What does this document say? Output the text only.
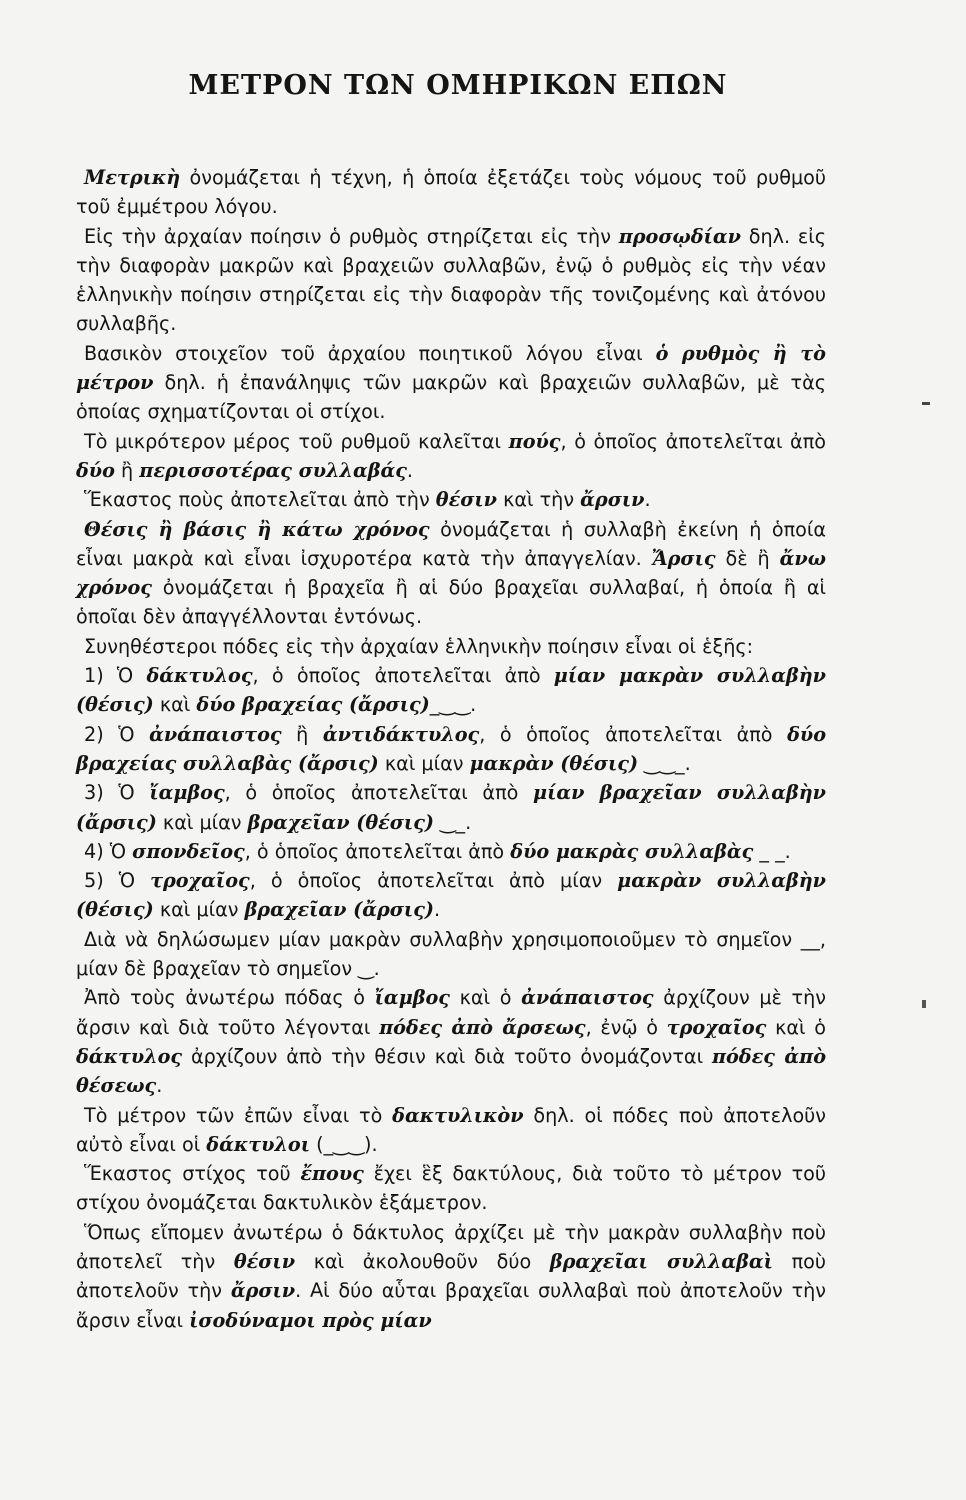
ΜΕΤΡΟΝ ΤΩΝ ΟΜΗΡΙΚΩΝ ΕΠΩΝ

Μετρικὴ ὀνομάζεται ἡ τέχνη, ἡ ὁποία ἐξετάζει τοὺς νόμους τοῦ ρυθμοῦ τοῦ ἐμμέτρου λόγου.

Εἰς τὴν ἀρχαίαν ποίησιν ὁ ρυθμὸς στηρίζεται εἰς τὴν προσῳδίαν δηλ. εἰς τὴν διαφορὰν μακρῶν καὶ βραχειῶν συλλαβῶν, ἐνῷ ὁ ρυθμὸς εἰς τὴν νέαν ἑλληνικὴν ποίησιν στηρίζεται εἰς τὴν διαφορὰν τῆς τονιζομένης καὶ ἀτόνου συλλαβῆς.

Βασικὸν στοιχεῖον τοῦ ἀρχαίου ποιητικοῦ λόγου εἶναι ὁ ρυθμὸς ἢ τὸ μέτρον δηλ. ἡ ἐπανάληψις τῶν μακρῶν καὶ βραχειῶν συλλαβῶν, μὲ τὰς ὁποίας σχηματίζονται οἱ στίχοι.

Τὸ μικρότερον μέρος τοῦ ρυθμοῦ καλεῖται πούς, ὁ ὁποῖος ἀποτελεῖται ἀπὸ δύο ἢ περισσοτέρας συλλαβάς.

Ἕκαστος ποὺς ἀποτελεῖται ἀπὸ τὴν θέσιν καὶ τὴν ἄρσιν.

Θέσις ἢ βάσις ἢ κάτω χρόνος ὀνομάζεται ἡ συλλαβὴ ἐκείνη ἡ ὁποία εἶναι μακρὰ καὶ εἶναι ἰσχυροτέρα κατὰ τὴν ἀπαγγελίαν. Ἄρσις δὲ ἢ ἄνω χρόνος ὀνομάζεται ἡ βραχεῖα ἢ αἱ δύο βραχεῖαι συλλαβαί, ἡ ὁποία ἢ αἱ ὁποῖαι δὲν ἀπαγγέλλονται ἐντόνως.

Συνηθέστεροι πόδες εἰς τὴν ἀρχαίαν ἑλληνικὴν ποίησιν εἶναι οἱ ἑξῆς:

1) Ὁ δάκτυλος, ὁ ὁποῖος ἀποτελεῖται ἀπὸ μίαν μακρὰν συλλαβὴν (θέσις) καὶ δύο βραχείας (ἄρσις)_‿‿.

2) Ὁ ἀνάπαιστος ἢ ἀντιδάκτυλος, ὁ ὁποῖος ἀποτελεῖται ἀπὸ δύο βραχείας συλλαβὰς (ἄρσις) καὶ μίαν μακρὰν (θέσις) ‿‿_.

3) Ὁ ἴαμβος, ὁ ὁποῖος ἀποτελεῖται ἀπὸ μίαν βραχεῖαν συλλαβὴν (ἄρσις) καὶ μίαν βραχεῖαν (θέσις) ‿_.

4) Ὁ σπονδεῖος, ὁ ὁποῖος ἀποτελεῖται ἀπὸ δύο μακρὰς συλλαβὰς _ _.

5) Ὁ τροχαῖος, ὁ ὁποῖος ἀποτελεῖται ἀπὸ μίαν μακρὰν συλλαβὴν (θέσις) καὶ μίαν βραχεῖαν (ἄρσις).

Διὰ νὰ δηλώσωμεν μίαν μακρὰν συλλαβὴν χρησιμοποιοῦμεν τὸ σημεῖον __, μίαν δὲ βραχεῖαν τὸ σημεῖον ‿.

Ἀπὸ τοὺς ἀνωτέρω πόδας ὁ ἴαμβος καὶ ὁ ἀνάπαιστος ἀρχίζουν μὲ τὴν ἄρσιν καὶ διὰ τοῦτο λέγονται πόδες ἀπὸ ἄρσεως, ἐνῷ ὁ τροχαῖος καὶ ὁ δάκτυλος ἀρχίζουν ἀπὸ τὴν θέσιν καὶ διὰ τοῦτο ὀνομάζονται πόδες ἀπὸ θέσεως.

Τὸ μέτρον τῶν ἐπῶν εἶναι τὸ δακτυλικὸν δηλ. οἱ πόδες ποὺ ἀποτελοῦν αὐτὸ εἶναι οἱ δάκτυλοι (_‿‿).

Ἕκαστος στίχος τοῦ ἔπους ἔχει ἓξ δακτύλους, διὰ τοῦτο τὸ μέτρον τοῦ στίχου ὀνομάζεται δακτυλικὸν ἑξάμετρον.

Ὅπως εἴπομεν ἀνωτέρω ὁ δάκτυλος ἀρχίζει μὲ τὴν μακρὰν συλλαβὴν ποὺ ἀποτελεῖ τὴν θέσιν καὶ ἀκολουθοῦν δύο βραχεῖαι συλλαβαὶ ποὺ ἀποτελοῦν τὴν ἄρσιν. Αἱ δύο αὗται βραχεῖαι συλλαβαὶ ποὺ ἀποτελοῦν τὴν ἄρσιν εἶναι ἰσοδύναμοι πρὸς μίαν
